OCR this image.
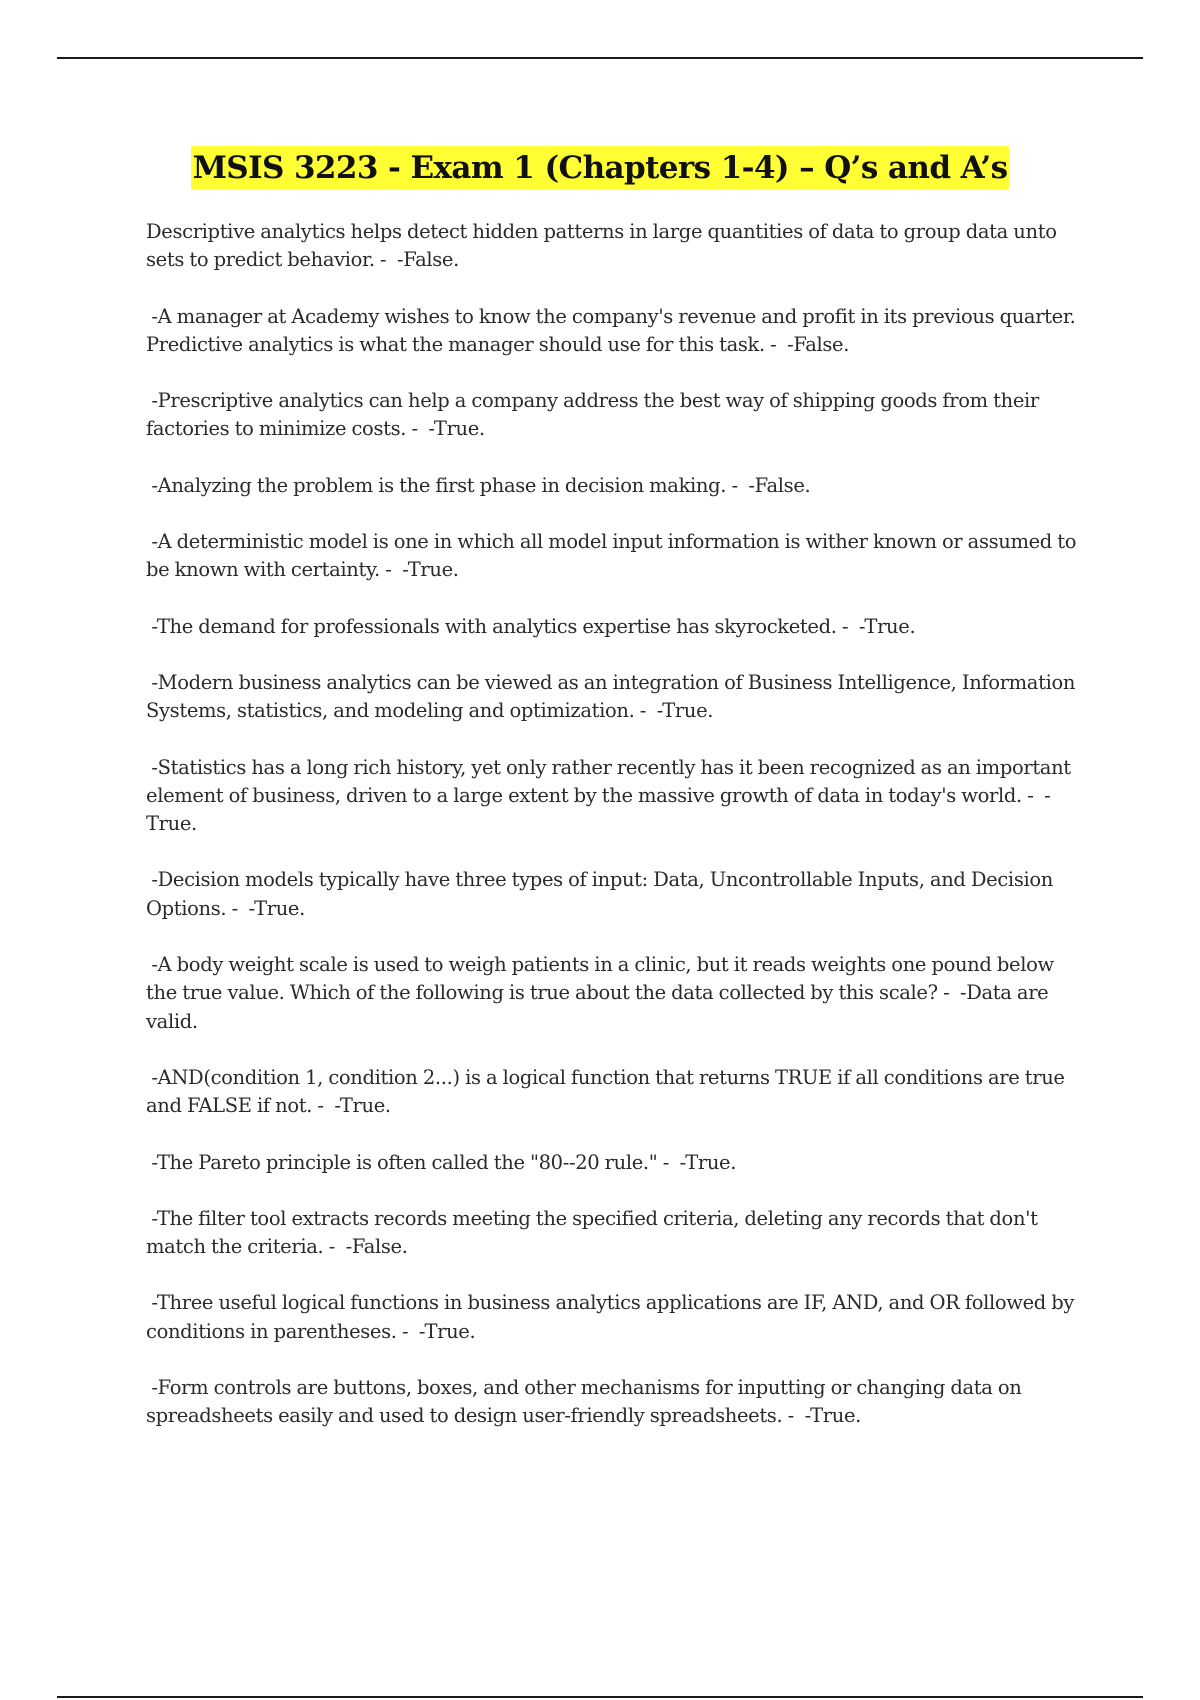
MSIS 3223 - Exam 1 (Chapters 1-4) – Q’s and A’s
Descriptive analytics helps detect hidden patterns in large quantities of data to group data unto sets to predict behavior. -  -False.
-A manager at Academy wishes to know the company's revenue and profit in its previous quarter. Predictive analytics is what the manager should use for this task. -  -False.
-Prescriptive analytics can help a company address the best way of shipping goods from their factories to minimize costs. -  -True.
-Analyzing the problem is the first phase in decision making. -  -False.
-A deterministic model is one in which all model input information is wither known or assumed to be known with certainty. -  -True.
-The demand for professionals with analytics expertise has skyrocketed. -  -True.
-Modern business analytics can be viewed as an integration of Business Intelligence, Information Systems, statistics, and modeling and optimization. -  -True.
-Statistics has a long rich history, yet only rather recently has it been recognized as an important element of business, driven to a large extent by the massive growth of data in today's world. -  -True.
-Decision models typically have three types of input: Data, Uncontrollable Inputs, and Decision Options. -  -True.
-A body weight scale is used to weigh patients in a clinic, but it reads weights one pound below the true value. Which of the following is true about the data collected by this scale? -  -Data are valid.
-AND(condition 1, condition 2...) is a logical function that returns TRUE if all conditions are true and FALSE if not. -  -True.
-The Pareto principle is often called the "80--20 rule." -  -True.
-The filter tool extracts records meeting the specified criteria, deleting any records that don't match the criteria. -  -False.
-Three useful logical functions in business analytics applications are IF, AND, and OR followed by conditions in parentheses. -  -True.
-Form controls are buttons, boxes, and other mechanisms for inputting or changing data on spreadsheets easily and used to design user-friendly spreadsheets. -  -True.
